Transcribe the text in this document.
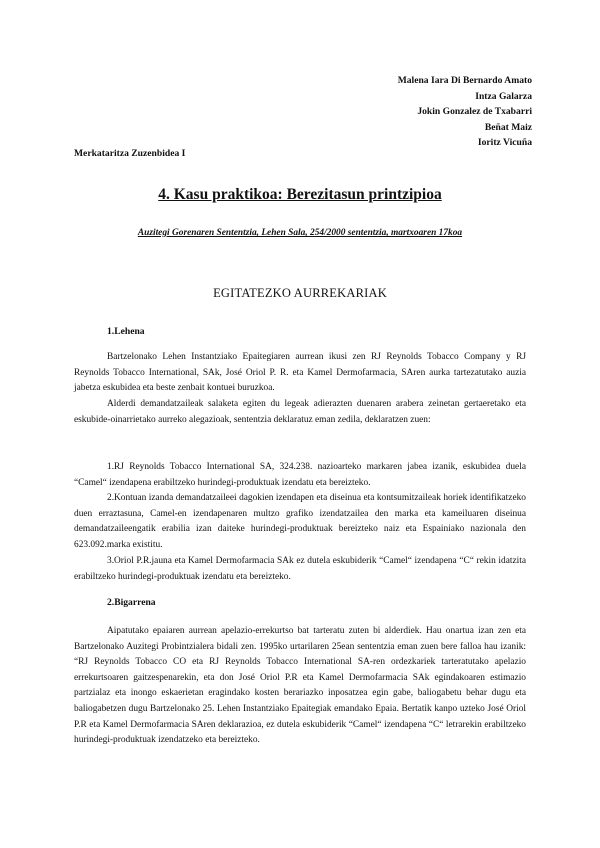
Malena Iara Di Bernardo Amato
Intza Galarza
Jokin Gonzalez de Txabarri
Beñat Maiz
Ioritz Vicuña
Merkataritza Zuzenbidea I
4. Kasu praktikoa: Berezitasun printzipioa
Auzitegi Gorenaren Sententzia, Lehen Sala, 254/2000 sententzia, martxoaren 17koa
EGITATEZKO AURREKARIAK
1.Lehena

Bartzelonako Lehen Instantziako Epaitegiaren aurrean ikusi zen RJ Reynolds Tobacco Company y RJ Reynolds Tobacco International, SAk, José Oriol P. R. eta Kamel Dermofarmacia, SAren aurka tartezatutako auzia jabetza eskubidea eta beste zenbait kontuei buruzkoa.

Alderdi demandatzaileak salaketa egiten du legeak adierazten duenaren arabera zeinetan gertaeretako eta eskubide-oinarrietako aurreko alegazioak, sententzia deklaratuz eman zedila, deklaratzen zuen:

1.RJ Reynolds Tobacco International SA, 324.238. nazioarteko markaren jabea izanik, eskubidea duela “Camel“ izendapena erabiltzeko hurindegi-produktuak izendatu eta bereizteko.

2.Kontuan izanda demandatzaileei dagokien izendapen eta diseinua eta kontsumitzaileak horiek identifikatzeko duen erraztasuna, Camel-en izendapenaren multzo grafiko izendatzailea den marka eta kameiluaren diseinua demandatzaileengatik erabilia izan daiteke hurindegi-produktuak bereizteko naiz eta Espainiako nazionala den 623.092.marka existitu.

3.Oriol P.R.jauna eta Kamel Dermofarmacia SAk ez dutela eskubiderik “Camel“ izendapena “C“ rekin idatzita erabiltzeko hurindegi-produktuak izendatu eta bereizteko.

2.Bigarrena

Aipatutako epaiaren aurrean apelazio-errekurtso bat tarteratu zuten bi alderdiek. Hau onartua izan zen eta Bartzelonako Auzitegi Probintzialera bidali zen. 1995ko urtarilaren 25ean sententzia eman zuen bere falloa hau izanik: “RJ Reynolds Tobacco CO eta RJ Reynolds Tobacco International SA-ren ordezkariek tarteratutako apelazio errekurtsoaren gaitzespenarekin, eta don José Oriol P.R eta Kamel Dermofarmacia SAk egindakoaren estimazio partzialaz eta inongo eskaerietan eragindako kosten berariazko inposatzea egin gabe, baliogabetu behar dugu eta baliogabetzen dugu Bartzelonako 25. Lehen Instantziako Epaitegiak emandako Epaia. Bertatik kanpo uzteko José Oriol P.R eta Kamel Dermofarmacia SAren deklarazioa, ez dutela eskubiderik “Camel“ izendapena “C“ letrarekin erabiltzeko hurindegi-produktuak izendatzeko eta bereizteko.
